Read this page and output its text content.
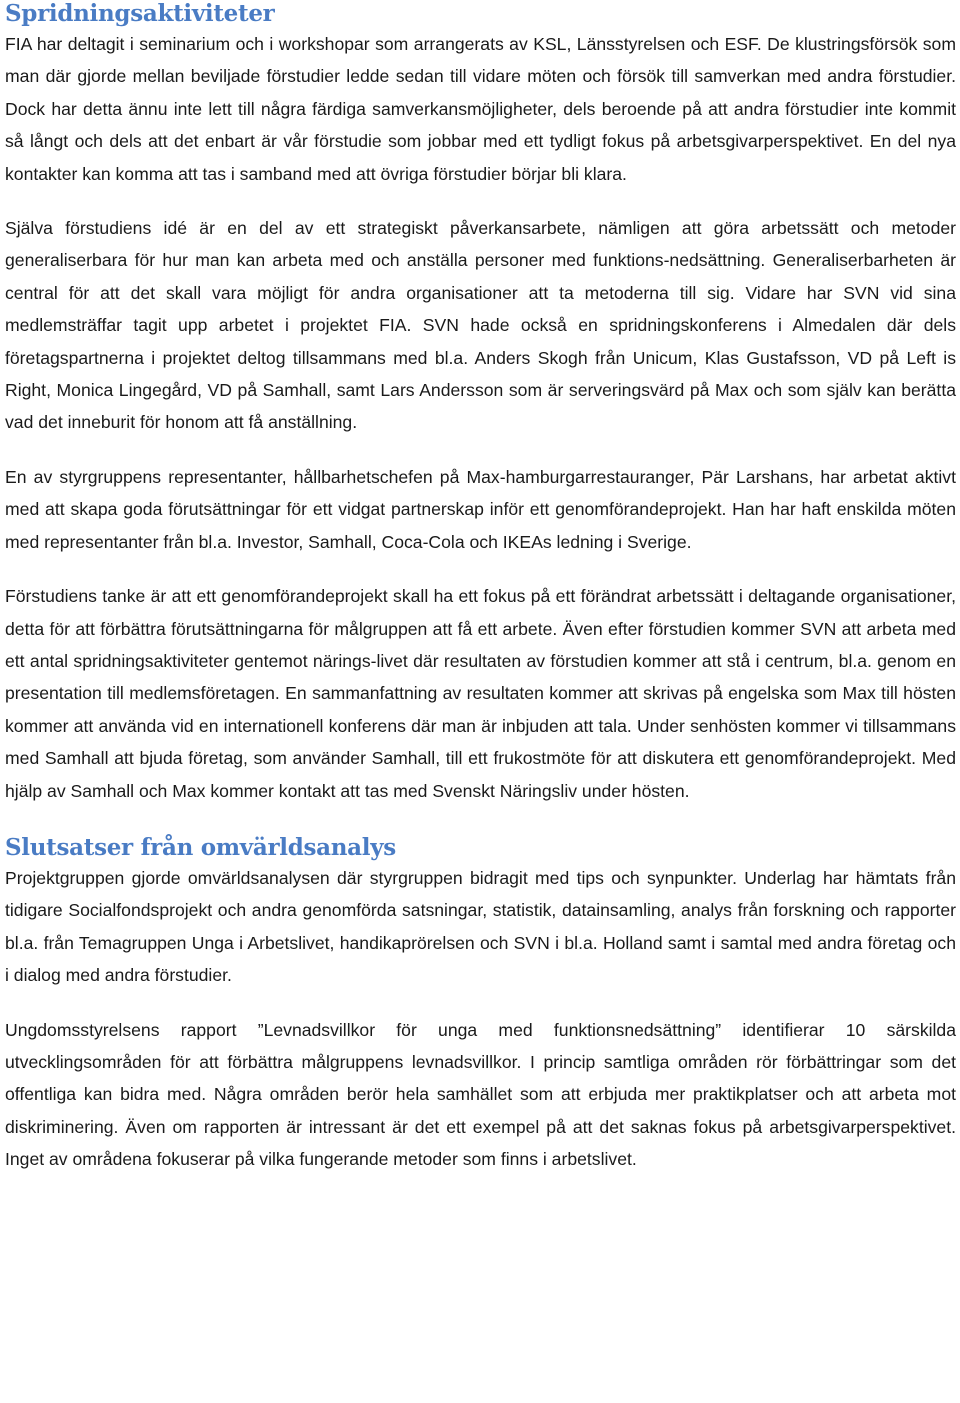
Spridningsaktiviteter

FIA har deltagit i seminarium och i workshopar som arrangerats av KSL, Länsstyrelsen och ESF. De klustringsförsök som man där gjorde mellan beviljade förstudier ledde sedan till vidare möten och försök till samverkan med andra förstudier. Dock har detta ännu inte lett till några färdiga samverkansmöjligheter, dels beroende på att andra förstudier inte kommit så långt och dels att det enbart är vår förstudie som jobbar med ett tydligt fokus på arbetsgivarperspektivet. En del nya kontakter kan komma att tas i samband med att övriga förstudier börjar bli klara.

Själva förstudiens idé är en del av ett strategiskt påverkansarbete, nämligen att göra arbetssätt och metoder generaliserbara för hur man kan arbeta med och anställa personer med funktions-nedsättning. Generaliserbarheten är central för att det skall vara möjligt för andra organisationer att ta metoderna till sig. Vidare har SVN vid sina medlemsträffar tagit upp arbetet i projektet FIA. SVN hade också en spridningskonferens i Almedalen där dels företagspartnerna i projektet deltog tillsammans med bl.a. Anders Skogh från Unicum, Klas Gustafsson, VD på Left is Right, Monica Lingegård, VD på Samhall, samt Lars Andersson som är serveringsvärd på Max och som själv kan berätta vad det inneburit för honom att få anställning.

En av styrgruppens representanter, hållbarhetschefen på Max-hamburgarrestauranger, Pär Larshans, har arbetat aktivt med att skapa goda förutsättningar för ett vidgat partnerskap inför ett genomförandeprojekt. Han har haft enskilda möten med representanter från bl.a. Investor, Samhall, Coca-Cola och IKEAs ledning i Sverige.

Förstudiens tanke är att ett genomförandeprojekt skall ha ett fokus på ett förändrat arbetssätt i deltagande organisationer, detta för att förbättra förutsättningarna för målgruppen att få ett arbete. Även efter förstudien kommer SVN att arbeta med ett antal spridningsaktiviteter gentemot närings-livet där resultaten av förstudien kommer att stå i centrum, bl.a. genom en presentation till medlemsföretagen. En sammanfattning av resultaten kommer att skrivas på engelska som Max till hösten kommer att använda vid en internationell konferens där man är inbjuden att tala. Under senhösten kommer vi tillsammans med Samhall att bjuda företag, som använder Samhall, till ett frukostmöte för att diskutera ett genomförandeprojekt. Med hjälp av Samhall och Max kommer kontakt att tas med Svenskt Näringsliv under hösten.

Slutsatser från omvärldsanalys

Projektgruppen gjorde omvärldsanalysen där styrgruppen bidragit med tips och synpunkter. Underlag har hämtats från tidigare Socialfondsprojekt och andra genomförda satsningar, statistik, datainsamling, analys från forskning och rapporter bl.a. från Temagruppen Unga i Arbetslivet, handikaprörelsen och SVN i bl.a. Holland samt i samtal med andra företag och i dialog med andra förstudier.

Ungdomsstyrelsens rapport ”Levnadsvillkor för unga med funktionsnedsättning” identifierar 10 särskilda utvecklingsområden för att förbättra målgruppens levnadsvillkor. I princip samtliga områden rör förbättringar som det offentliga kan bidra med. Några områden berör hela samhället som att erbjuda mer praktikplatser och att arbeta mot diskriminering. Även om rapporten är intressant är det ett exempel på att det saknas fokus på arbetsgivarperspektivet. Inget av områdena fokuserar på vilka fungerande metoder som finns i arbetslivet.
